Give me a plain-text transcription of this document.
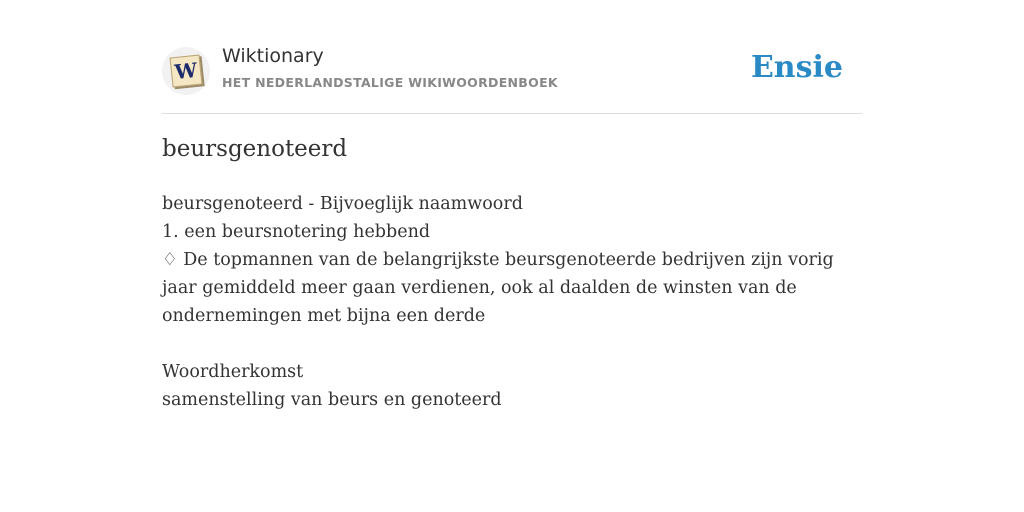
W
Wiktionary
HET NEDERLANDSTALIGE WIKIWOORDENBOEK	Ensie
beursgenoteerd

beursgenoteerd - Bijvoeglijk naamwoord

1. een beursnotering hebbend

♢ De topmannen van de belangrijkste beursgenoteerde bedrijven zijn vorig jaar gemiddeld meer gaan verdienen, ook al daalden de winsten van de ondernemingen met bijna een derde

Woordherkomst

samenstelling van beurs en genoteerd
